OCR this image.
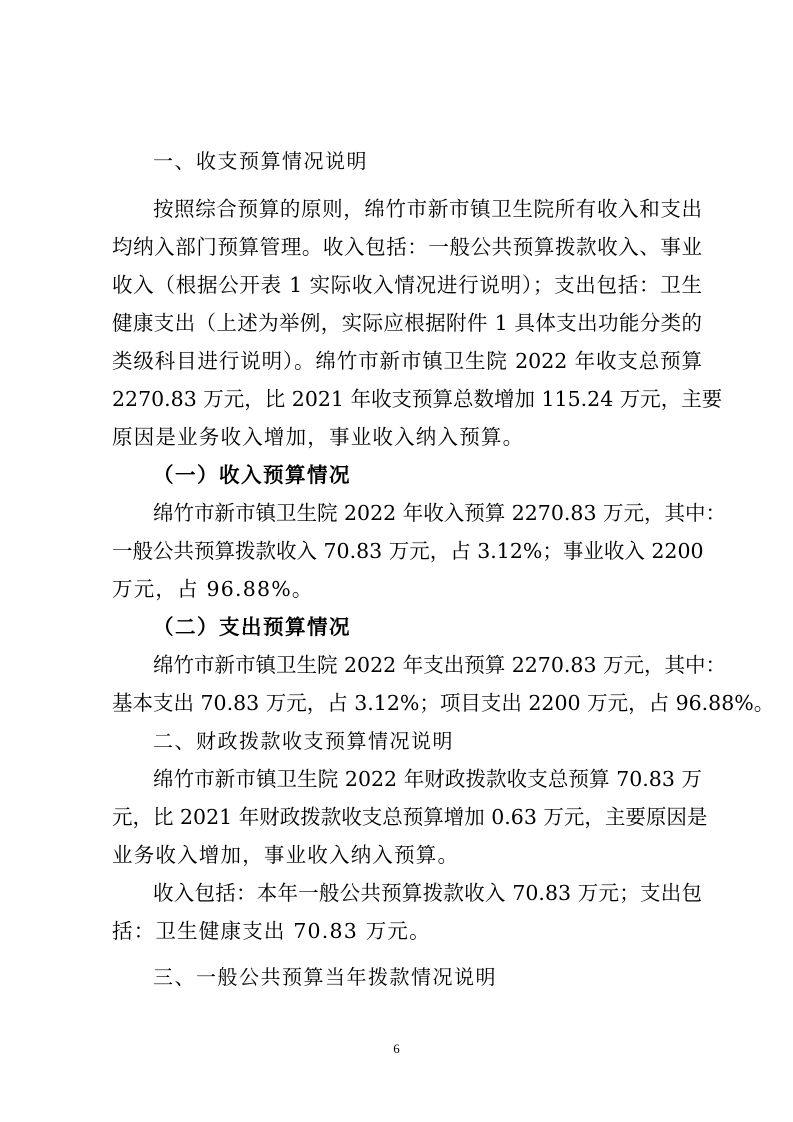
一、收支预算情况说明
按照综合预算的原则，绵竹市新市镇卫生院所有收入和支出
均纳入部门预算管理。收入包括：一般公共预算拨款收入、事业
收入（根据公开表 1 实际收入情况进行说明）；支出包括：卫生
健康支出（上述为举例，实际应根据附件 1 具体支出功能分类的
类级科目进行说明）。绵竹市新市镇卫生院 2022 年收支总预算
2270.83 万元，比 2021 年收支预算总数增加 115.24 万元，主要
原因是业务收入增加，事业收入纳入预算。
（一）收入预算情况
绵竹市新市镇卫生院 2022 年收入预算 2270.83 万元，其中：
一般公共预算拨款收入 70.83 万元，占 3.12%；事业收入 2200
万元，占 96.88%。
（二）支出预算情况
绵竹市新市镇卫生院 2022 年支出预算 2270.83 万元，其中：
基本支出 70.83 万元，占 3.12%；项目支出 2200 万元，占 96.88%。
二、财政拨款收支预算情况说明
绵竹市新市镇卫生院 2022 年财政拨款收支总预算 70.83 万
元，比 2021 年财政拨款收支总预算增加 0.63 万元，主要原因是
业务收入增加，事业收入纳入预算。
收入包括：本年一般公共预算拨款收入 70.83 万元；支出包
括：卫生健康支出 70.83 万元。
三、一般公共预算当年拨款情况说明
6
